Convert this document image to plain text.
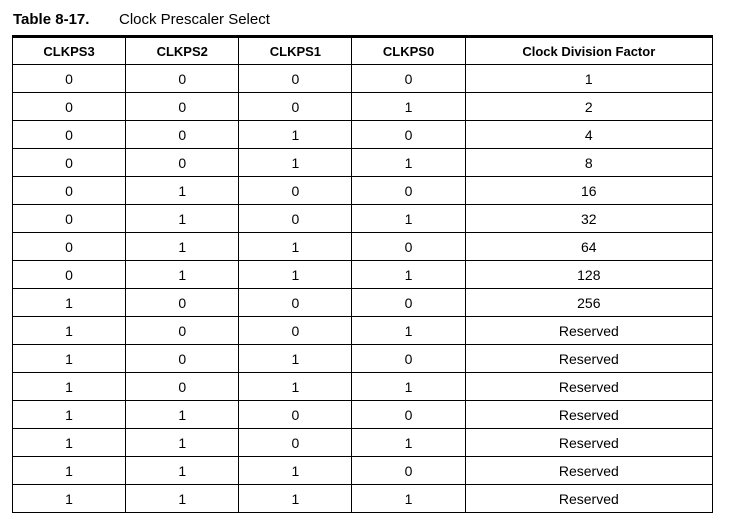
Table 8-17. Clock Prescaler Select
CLKPS3	CLKPS2	CLKPS1	CLKPS0	Clock Division Factor
0	0	0	0	1
0	0	0	1	2
0	0	1	0	4
0	0	1	1	8
0	1	0	0	16
0	1	0	1	32
0	1	1	0	64
0	1	1	1	128
1	0	0	0	256
1	0	0	1	Reserved
1	0	1	0	Reserved
1	0	1	1	Reserved
1	1	0	0	Reserved
1	1	0	1	Reserved
1	1	1	0	Reserved
1	1	1	1	Reserved
